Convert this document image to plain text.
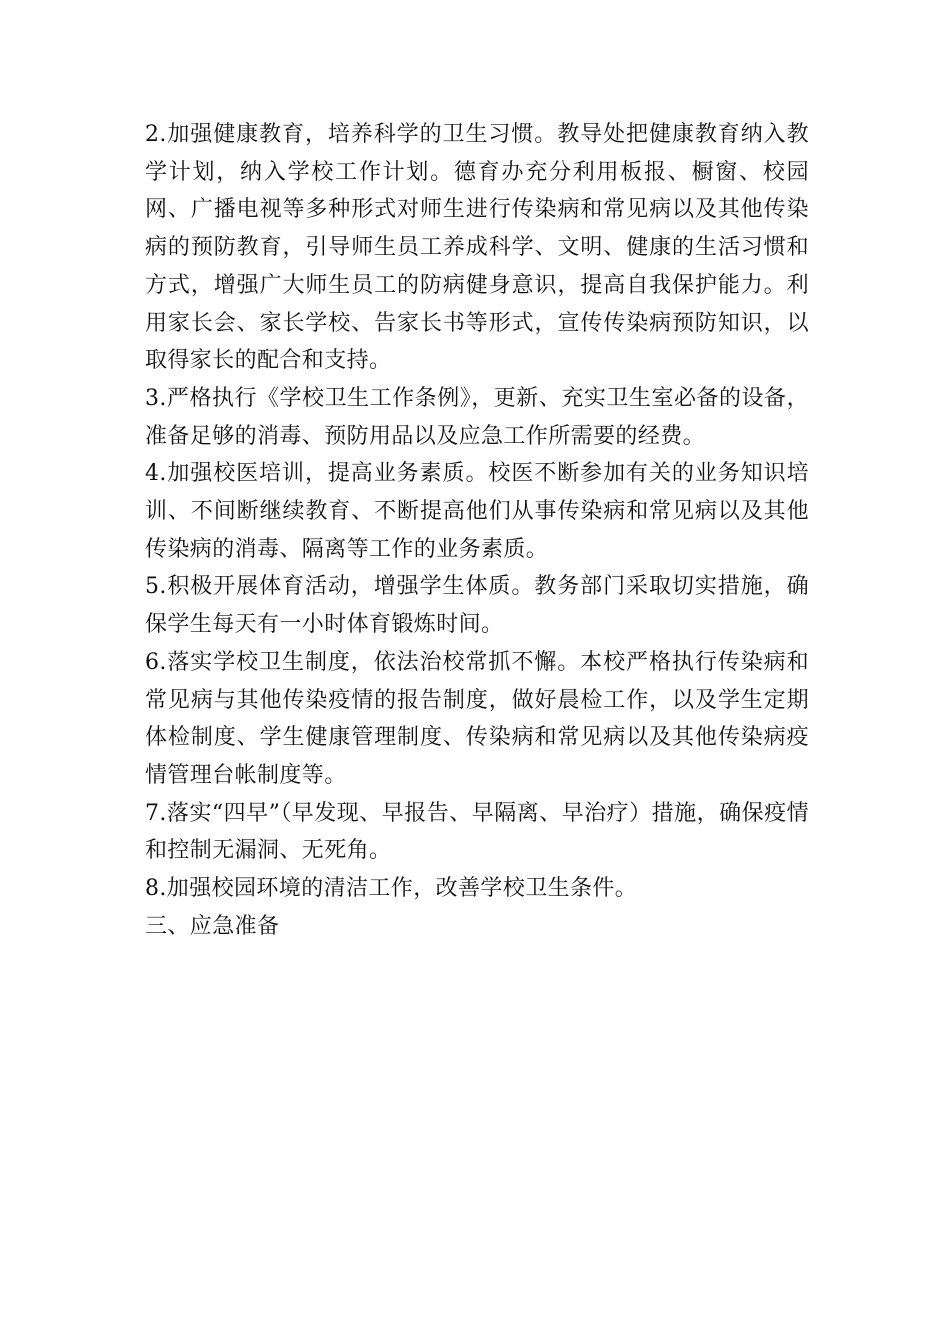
2.加强健康教育，培养科学的卫生习惯。教导处把健康教育纳入教学计划，纳入学校工作计划。德育办充分利用板报、橱窗、校园网、广播电视等多种形式对师生进行传染病和常见病以及其他传染病的预防教育，引导师生员工养成科学、文明、健康的生活习惯和方式，增强广大师生员工的防病健身意识，提高自我保护能力。利用家长会、家长学校、告家长书等形式，宣传传染病预防知识，以取得家长的配合和支持。

3.严格执行《学校卫生工作条例》，更新、充实卫生室必备的设备，准备足够的消毒、预防用品以及应急工作所需要的经费。

4.加强校医培训，提高业务素质。校医不断参加有关的业务知识培训、不间断继续教育、不断提高他们从事传染病和常见病以及其他传染病的消毒、隔离等工作的业务素质。

5.积极开展体育活动，增强学生体质。教务部门采取切实措施，确保学生每天有一小时体育锻炼时间。

6.落实学校卫生制度，依法治校常抓不懈。本校严格执行传染病和常见病与其他传染疫情的报告制度，做好晨检工作，以及学生定期体检制度、学生健康管理制度、传染病和常见病以及其他传染病疫情管理台帐制度等。

7.落实“四早”（早发现、早报告、早隔离、早治疗）措施，确保疫情和控制无漏洞、无死角。

8.加强校园环境的清洁工作，改善学校卫生条件。

三、应急准备
